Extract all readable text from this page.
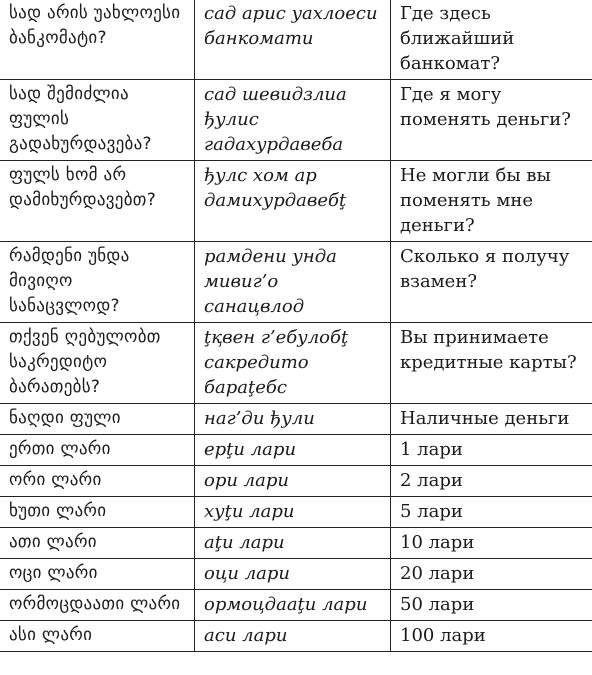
სად არის უახლოესი ბანკომატი?	сад арис уахлоеси банкомати	Где здесь ближайший банкомат?
სად შემიძლია ფულის გადახურდავება?	сад шевидзлиа ђулис гадахурдавеба	Где я могу поменять деньги?
ფულს ხომ არ დამიხურდავებთ?	ђулс хом ар дамихурдавебţ	Не могли бы вы поменять мне деньги?
რამდენი უნდა მივიღო სანაცვლოდ?	рамдени унда мивиг’о санацвлод	Сколько я получу взамен?
თქვენ ღებულობთ საკრედიტო ბარათებს?	ţқвен г’ебулобţ сакредито бараţебс	Вы принимаете кредитные карты?
ნაღდი ფული	наг’ди ђули	Наличные деньги
ერთი ლარი	ерţи лари	1 лари
ორი ლარი	ори лари	2 лари
ხუთი ლარი	хуţи лари	5 лари
ათი ლარი	аţи лари	10 лари
ოცი ლარი	оци лари	20 лари
ორმოცდაათი ლარი	ормоцдааţи лари	50 лари
ასი ლარი	аси лари	100 лари
